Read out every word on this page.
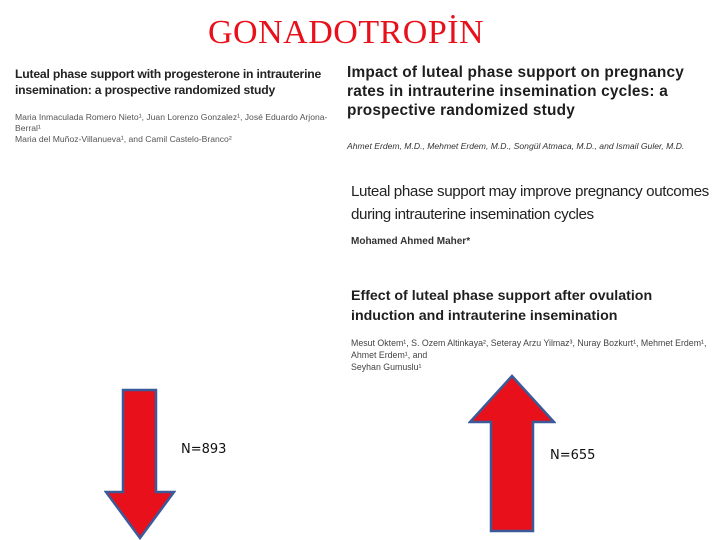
GONADOTROPİN

Luteal phase support with progesterone in intrauterine insemination: a prospective randomized study

Maria Inmaculada Romero Nieto¹, Juan Lorenzo Gonzalez¹, José Eduardo Arjona-Berral¹
Maria del Muñoz-Villanueva¹, and Camil Castelo-Branco²

Impact of luteal phase support on pregnancy rates in intrauterine insemination cycles: a prospective randomized study

Ahmet Erdem, M.D., Mehmet Erdem, M.D., Songül Atmaca, M.D., and Ismail Guler, M.D.

Luteal phase support may improve pregnancy outcomes during intrauterine insemination cycles

Mohamed Ahmed Maher*

Effect of luteal phase support after ovulation induction and intrauterine insemination

Mesut Oktem¹, S. Ozem Altinkaya², Seteray Arzu Yilmaz³, Nuray Bozkurt¹, Mehmet Erdem¹, Ahmet Erdem¹, and
Seyhan Gumuslu¹

N=893	N=655
